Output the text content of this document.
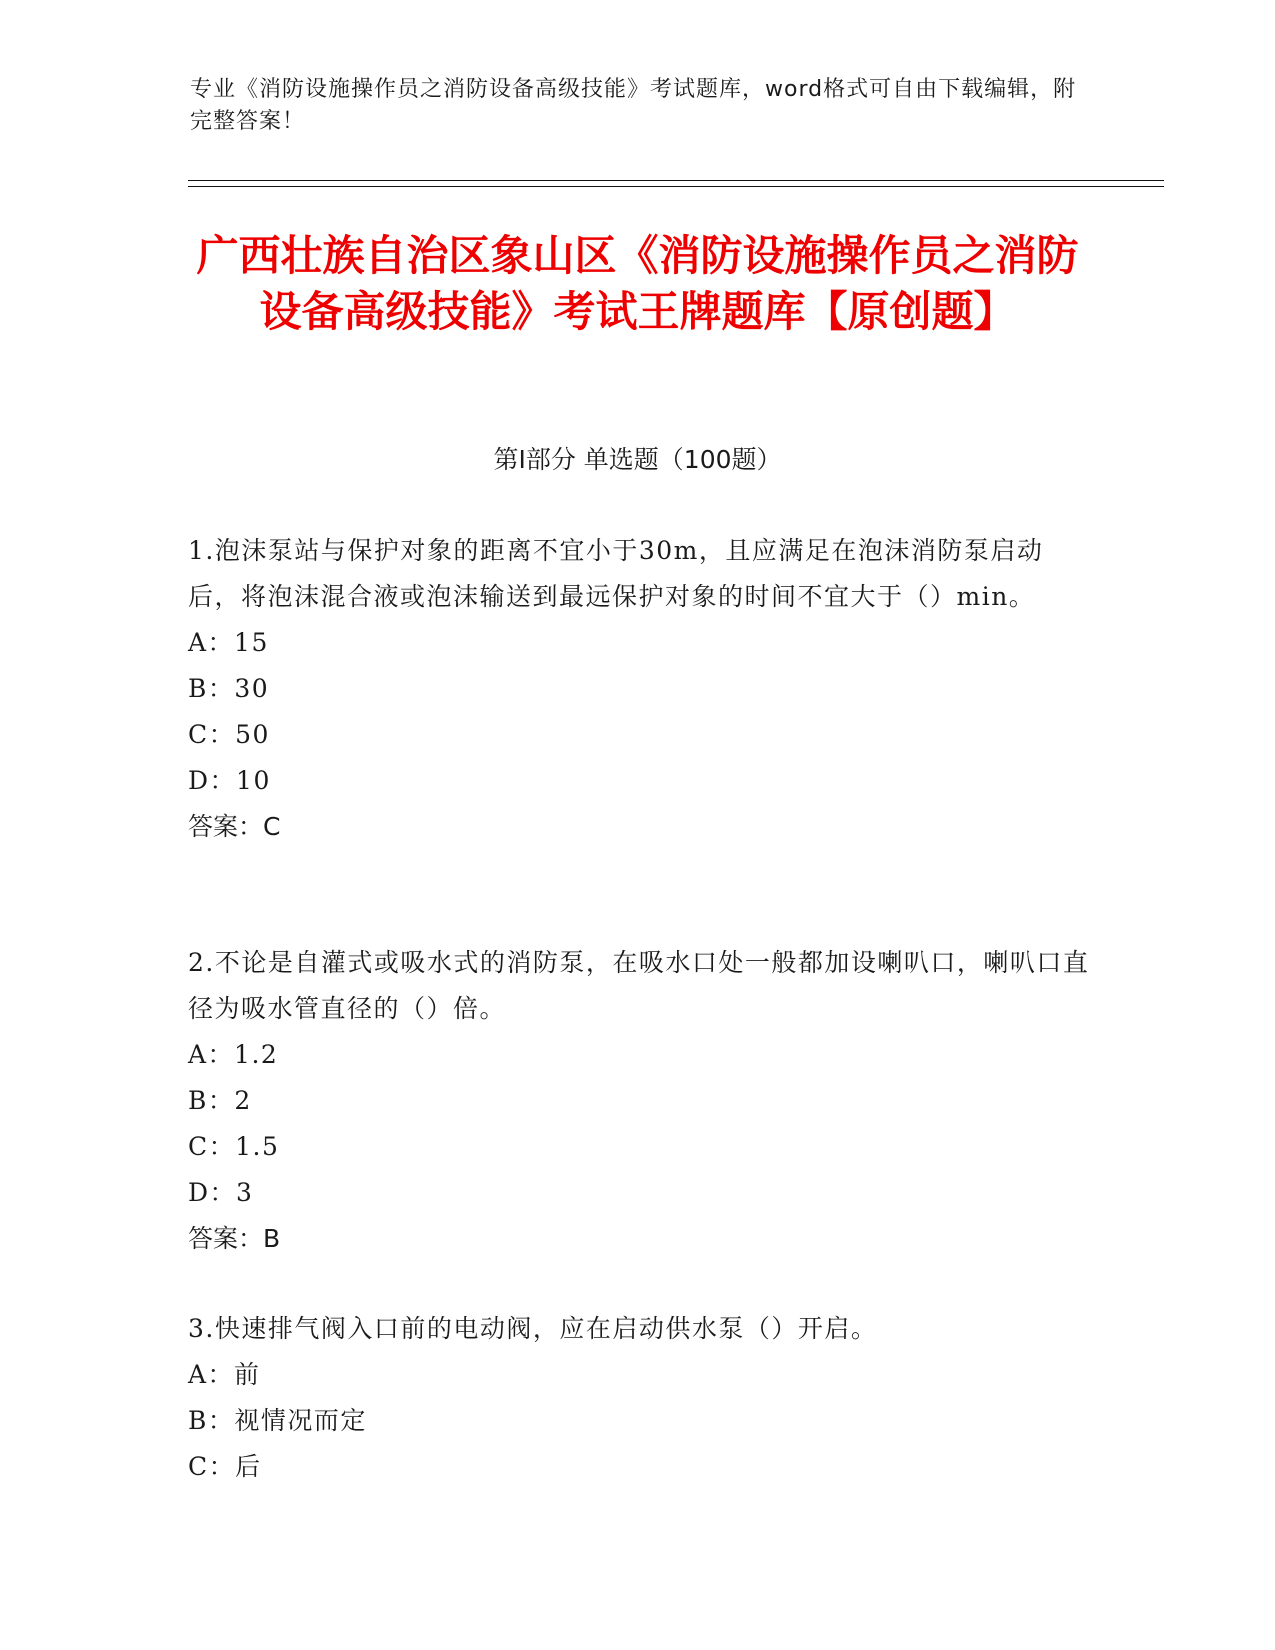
专业《消防设施操作员之消防设备高级技能》考试题库，word格式可自由下载编辑，附完整答案！
广西壮族自治区象山区《消防设施操作员之消防设备高级技能》考试王牌题库【原创题】
第I部分 单选题（100题）

1.泡沫泵站与保护对象的距离不宜小于30m，且应满足在泡沫消防泵启动后，将泡沫混合液或泡沫输送到最远保护对象的时间不宜大于（）min。

A：15

B：30

C：50

D：10

答案：C

2.不论是自灌式或吸水式的消防泵，在吸水口处一般都加设喇叭口，喇叭口直径为吸水管直径的（）倍。

A：1.2

B：2

C：1.5

D：3

答案：B

3.快速排气阀入口前的电动阀，应在启动供水泵（）开启。

A：前

B：视情况而定

C：后
